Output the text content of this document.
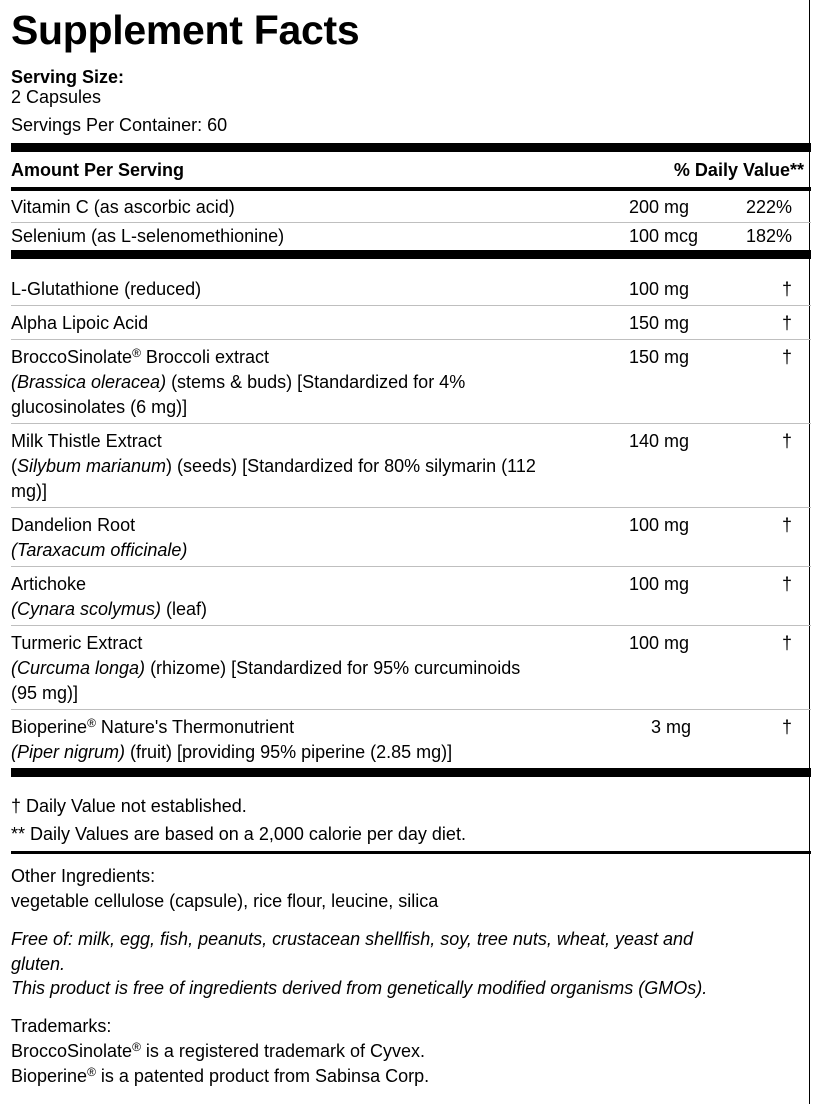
Supplement Facts
Serving Size:
2 Capsules
Servings Per Container: 60
Amount Per Serving	% Daily Value**
Vitamin C (as ascorbic acid)	200 mg	222%
Selenium (as L-selenomethionine)	100 mcg	182%
L-Glutathione (reduced)	100 mg	†
Alpha Lipoic Acid	150 mg	†
BroccoSinolate® Broccoli extract
(Brassica oleracea) (stems & buds) [Standardized for 4%
glucosinolates (6 mg)]
150 mg	†
Milk Thistle Extract
(Silybum marianum) (seeds) [Standardized for 80% silymarin (112
mg)]
140 mg	†
Dandelion Root
(Taraxacum officinale)
100 mg	†
Artichoke
(Cynara scolymus) (leaf)
100 mg	†
Turmeric Extract
(Curcuma longa) (rhizome) [Standardized for 95% curcuminoids
(95 mg)]
100 mg	†
Bioperine® Nature's Thermonutrient
(Piper nigrum) (fruit) [providing 95% piperine (2.85 mg)]
3 mg	†
† Daily Value not established.
** Daily Values are based on a 2,000 calorie per day diet.
Other Ingredients:
vegetable cellulose (capsule), rice flour, leucine, silica
Free of: milk, egg, fish, peanuts, crustacean shellfish, soy, tree nuts, wheat, yeast and
gluten.
This product is free of ingredients derived from genetically modified organisms (GMOs).
Trademarks:
BroccoSinolate® is a registered trademark of Cyvex.
Bioperine® is a patented product from Sabinsa Corp.
